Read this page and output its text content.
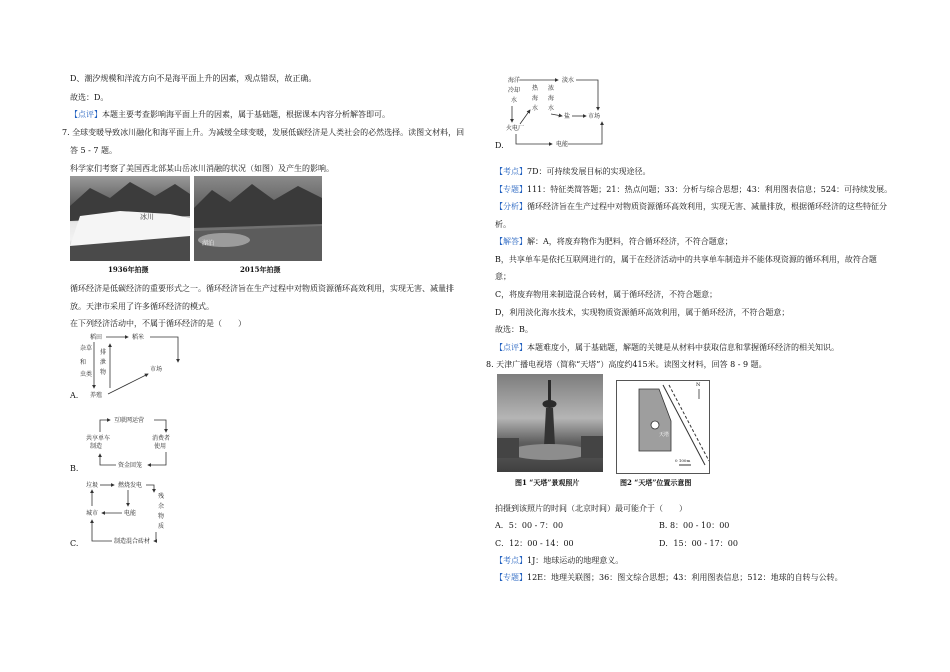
D、潮汐规模和洋流方向不是海平面上升的因素，观点错误，故正确。
故选：D。
【点评】本题主要考查影响海平面上升的因素，属于基础题，根据课本内容分析解答即可。
7. 全球变暖导致冰川融化和海平面上升。为减缓全球变暖，发展低碳经济是人类社会的必然选择。读图文材料，回
答 5 - 7 题。
科学家们考察了美国西北部某山岳冰川消融的状况（如图）及产生的影响。
冰川
湖泊
1936年拍摄	2015年拍摄
循环经济是低碳经济的重要形式之一。循环经济旨在生产过程中对物质资源循环高效利用，实现无害、减量排
放。天津市采用了许多循环经济的模式。
在下列经济活动中，不属于循环经济的是（　　）
稻田	稻米
市场
养殖
杂草
和
虫类
排
泄
物
A.
互联网运营
共享单车
制造
消费者
使用
资金回笼
B.
垃圾	燃烧发电
城市	电能
制造混合砖材
残
余
物
质
C.
海 洋
冷 却
水
淡水
热
海
水
浓
海
水
盐	市场
火电厂
电能
D.
【考点】7D：可持续发展目标的实现途径。
【专题】111：特征类简答题；21：热点问题；33：分析与综合思想；43：利用图表信息；524：可持续发展。
【分析】循环经济旨在生产过程中对物质资源循环高效利用，实现无害、减量排放，根据循环经济的这些特征分
析。
【解答】解：A，将废弃物作为肥料，符合循环经济，不符合题意；
B，共享单车是依托互联网进行的，属于在经济活动中的共享单车制造并不能体现资源的循环利用，故符合题
意；
C，将废弃物用来制造混合砖材，属于循环经济，不符合题意；
D，利用淡化海水技术，实现物质资源循环高效利用，属于循环经济，不符合题意；
故选：B。
【点评】本题难度小，属于基础题，解题的关键是从材料中获取信息和掌握循环经济的相关知识。
8. 天津广播电视塔（简称“天塔”）高度约415米。读图文材料，回答 8 - 9 题。
天塔
N
0 100m
图1 “天塔”景观照片	图2 “天塔”位置示意图
拍摄到该照片的时间（北京时间）最可能介于（　　）
A．5：00 - 7：00	B. 8：00 - 10：00
C．12：00 - 14：00	D．15：00 - 17：00
【考点】1J：地球运动的地理意义。
【专题】12E：地理关联图；36：图文综合思想；43：利用图表信息；512：地球的自转与公转。
